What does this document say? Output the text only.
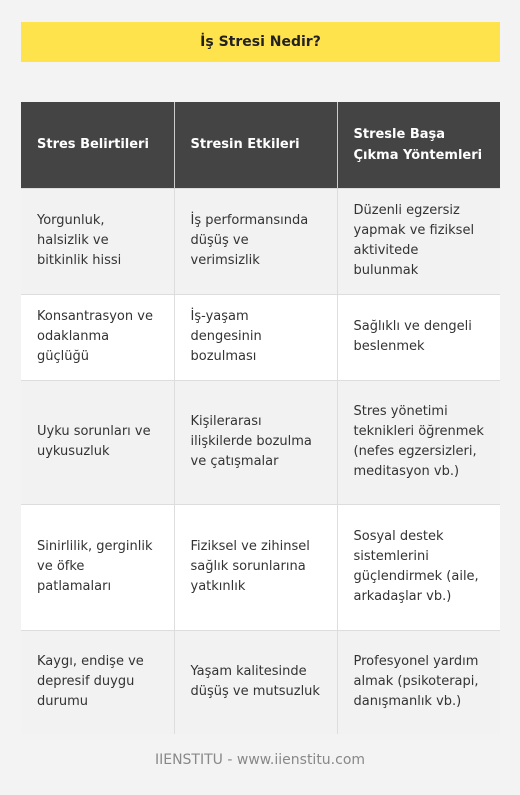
İş Stresi Nedir?
Stres Belirtileri	Stresin Etkileri	Stresle Başa Çıkma Yöntemleri
Yorgunluk, halsizlik ve bitkinlik hissi	İş performansında düşüş ve verimsizlik	Düzenli egzersiz yapmak ve fiziksel aktivitede bulunmak
Konsantrasyon ve odaklanma güçlüğü	İş-yaşam dengesinin bozulması	Sağlıklı ve dengeli beslenmek
Uyku sorunları ve uykusuzluk	Kişilerarası ilişkilerde bozulma ve çatışmalar	Stres yönetimi teknikleri öğrenmek (nefes egzersizleri, meditasyon vb.)
Sinirlilik, gerginlik ve öfke patlamaları	Fiziksel ve zihinsel sağlık sorunlarına yatkınlık	Sosyal destek sistemlerini güçlendirmek (aile, arkadaşlar vb.)
Kaygı, endişe ve depresif duygu durumu	Yaşam kalitesinde düşüş ve mutsuzluk	Profesyonel yardım almak (psikoterapi, danışmanlık vb.)
IIENSTITU - www.iienstitu.com
